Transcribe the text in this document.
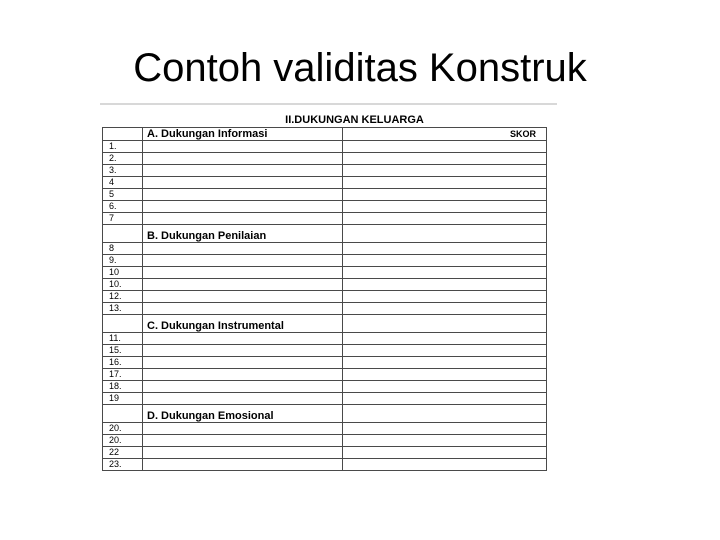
Contoh validitas Konstruk
II.DUKUNGAN KELUARGA		
	A. Dukungan Informasi	SKOR
1.		
2.		
3.		
4		
5		
6.		
7		
	B. Dukungan Penilaian	
8		
9.		
10		
10.		
12.		
13.		
	C. Dukungan Instrumental	
11.		
15.		
16.		
17.		
18.		
19		
	D. Dukungan Emosional	
20.		
20.		
22		
23.		
